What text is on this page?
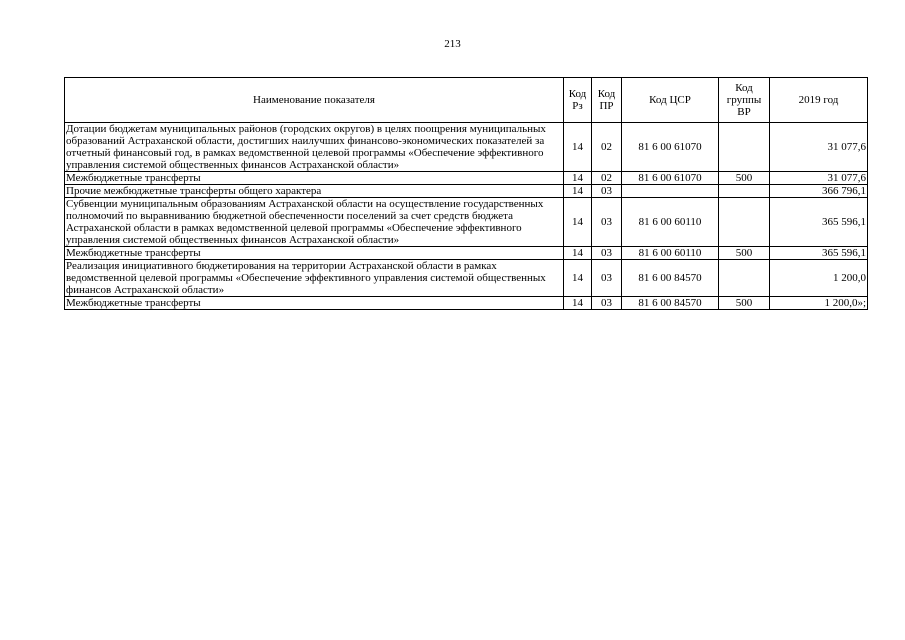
213
Наименование показателя	Код Рз	Код ПР	Код ЦСР	Код группы ВР	2019 год
Дотации бюджетам муниципальных районов (городских округов) в целях поощрения муниципальных образований Астраханской области, достигших наилучших финансово-экономических показателей за отчетный финансовый год, в рамках ведомственной целевой программы «Обеспечение эффективного управления системой общественных финансов Астраханской области»	14	02	81 6 00 61070		31 077,6
Межбюджетные трансферты	14	02	81 6 00 61070	500	31 077,6
Прочие межбюджетные трансферты общего характера	14	03			366 796,1
Субвенции муниципальным образованиям Астраханской области на осуществление государственных полномочий по выравниванию бюджетной обеспеченности поселений за счет средств бюджета Астраханской области в рамках ведомственной целевой программы «Обеспечение эффективного управления системой общественных финансов Астраханской области»	14	03	81 6 00 60110		365 596,1
Межбюджетные трансферты	14	03	81 6 00 60110	500	365 596,1
Реализация инициативного бюджетирования на территории Астраханской области в рамках ведомственной целевой программы «Обеспечение эффективного управления системой общественных финансов Астраханской области»	14	03	81 6 00 84570		1 200,0
Межбюджетные трансферты	14	03	81 6 00 84570	500	1 200,0»;
